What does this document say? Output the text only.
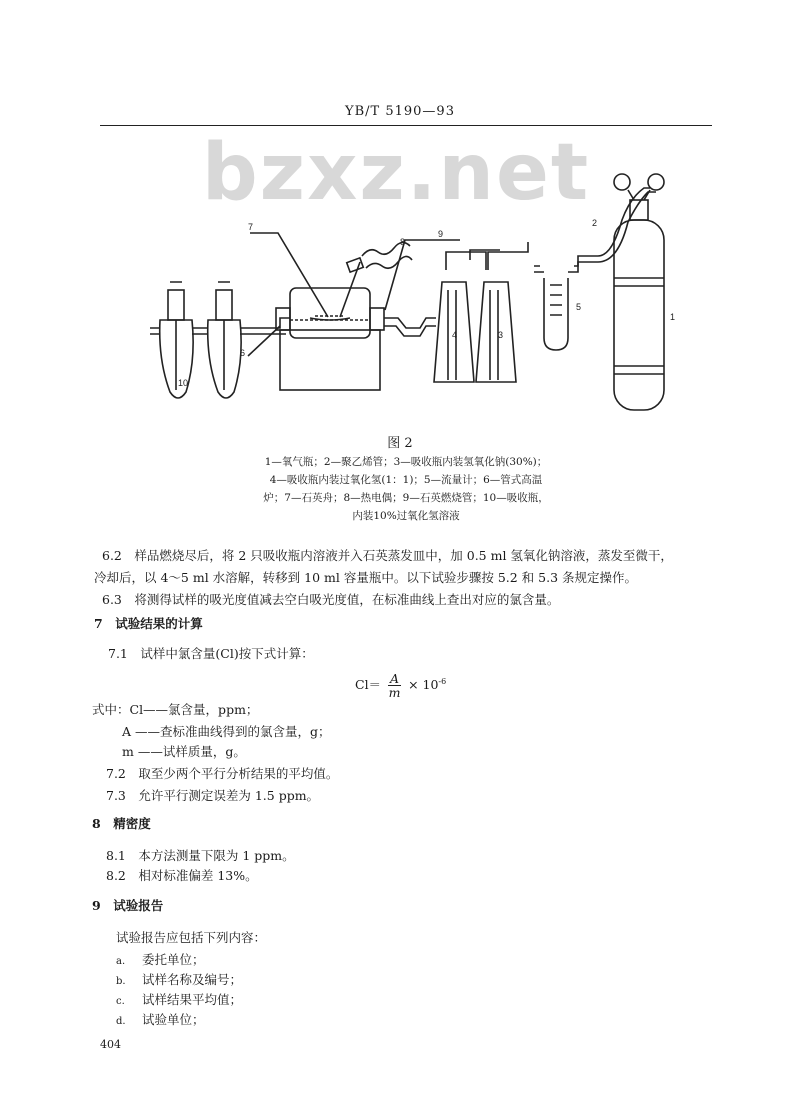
YB/T 5190—93
bzxz.net
7
8
9
2
5
4	3
1
6
10
图 2
1—氧气瓶；2—聚乙烯管；3—吸收瓶内装氢氧化钠(30%)；
4—吸收瓶内装过氧化氢(1：1)；5—流量计；6—管式高温
炉；7—石英舟；8—热电偶；9—石英燃烧管；10—吸收瓶，
内装10%过氧化氢溶液
6.2　样品燃烧尽后，将 2 只吸收瓶内溶液并入石英蒸发皿中，加 0.5 ml 氢氧化钠溶液，蒸发至微干，
冷却后，以 4～5 ml 水溶解，转移到 10 ml 容量瓶中。以下试验步骤按 5.2 和 5.3 条规定操作。
6.3　将测得试样的吸光度值减去空白吸光度值，在标准曲线上查出对应的氯含量。
7　试验结果的计算
7.1　试样中氯含量(Cl)按下式计算：
$Cl= \frac{A}{m} \times 10^{-6}$
式中：Cl——氯含量，ppm；
A ——查标准曲线得到的氯含量，g；
m ——试样质量，g。
7.2　取至少两个平行分析结果的平均值。
7.3　允许平行测定误差为 1.5 ppm。
8　精密度
8.1　本方法测量下限为 1 ppm。
8.2　相对标准偏差 13%。
9　试验报告
试验报告应包括下列内容：
a. 委托单位；
b. 试样名称及编号；
c. 试样结果平均值；
d. 试验单位；
404
